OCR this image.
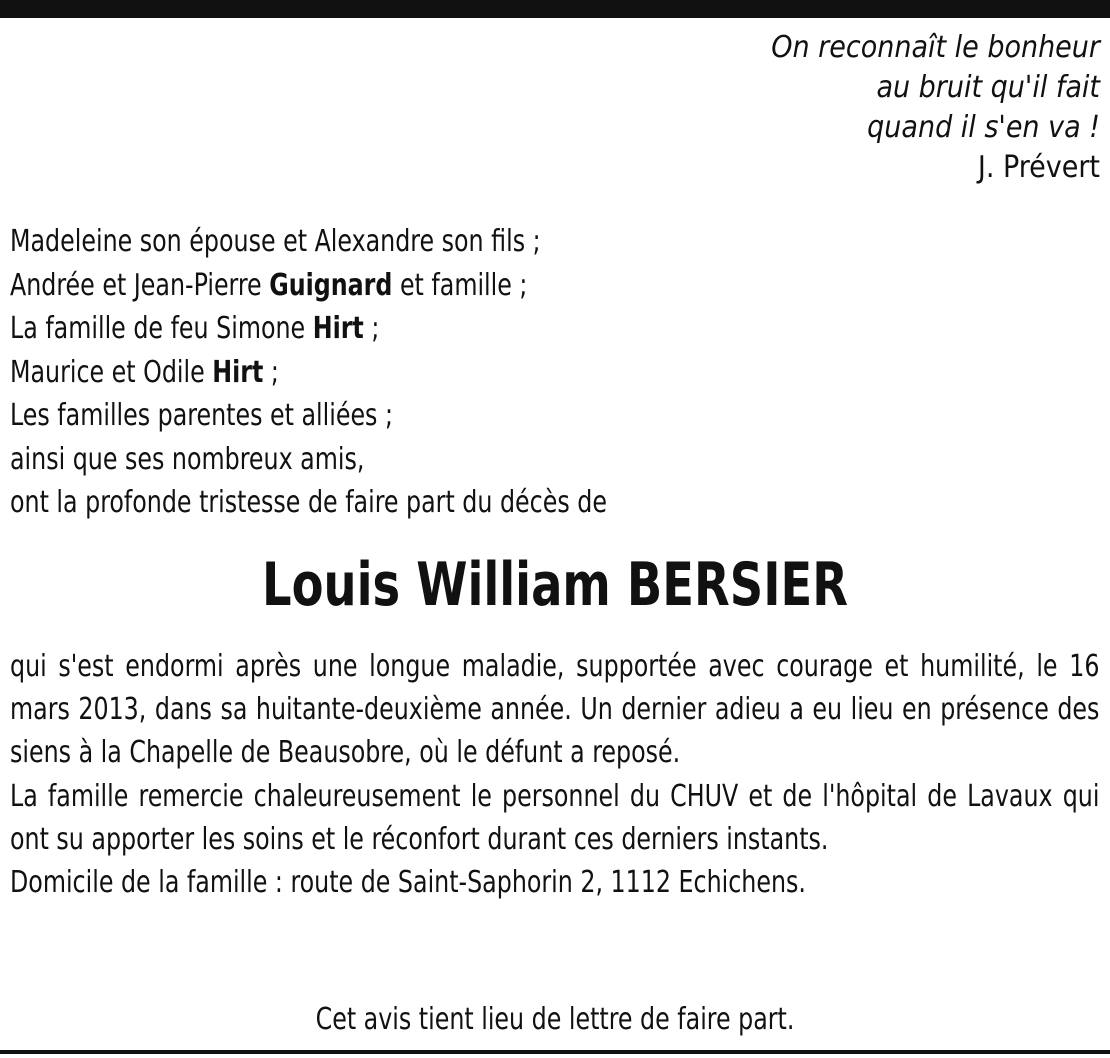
On reconnaît le bonheur
au bruit qu'il fait
quand il s'en va !
J. Prévert
Madeleine son épouse et Alexandre son fils ;
Andrée et Jean-Pierre Guignard et famille ;
La famille de feu Simone Hirt ;
Maurice et Odile Hirt ;
Les familles parentes et alliées ;
ainsi que ses nombreux amis,
ont la profonde tristesse de faire part du décès de
Louis William BERSIER

qui s'est endormi après une longue maladie, supportée avec courage et humilité, le 16 mars 2013, dans sa huitante-deuxième année. Un dernier adieu a eu lieu en présence des siens à la Chapelle de Beausobre, où le défunt a reposé.

La famille remercie chaleureusement le personnel du CHUV et de l'hôpital de Lavaux qui ont su apporter les soins et le réconfort durant ces derniers instants.

Domicile de la famille : route de Saint-Saphorin 2, 1112 Echichens.

Cet avis tient lieu de lettre de faire part.
